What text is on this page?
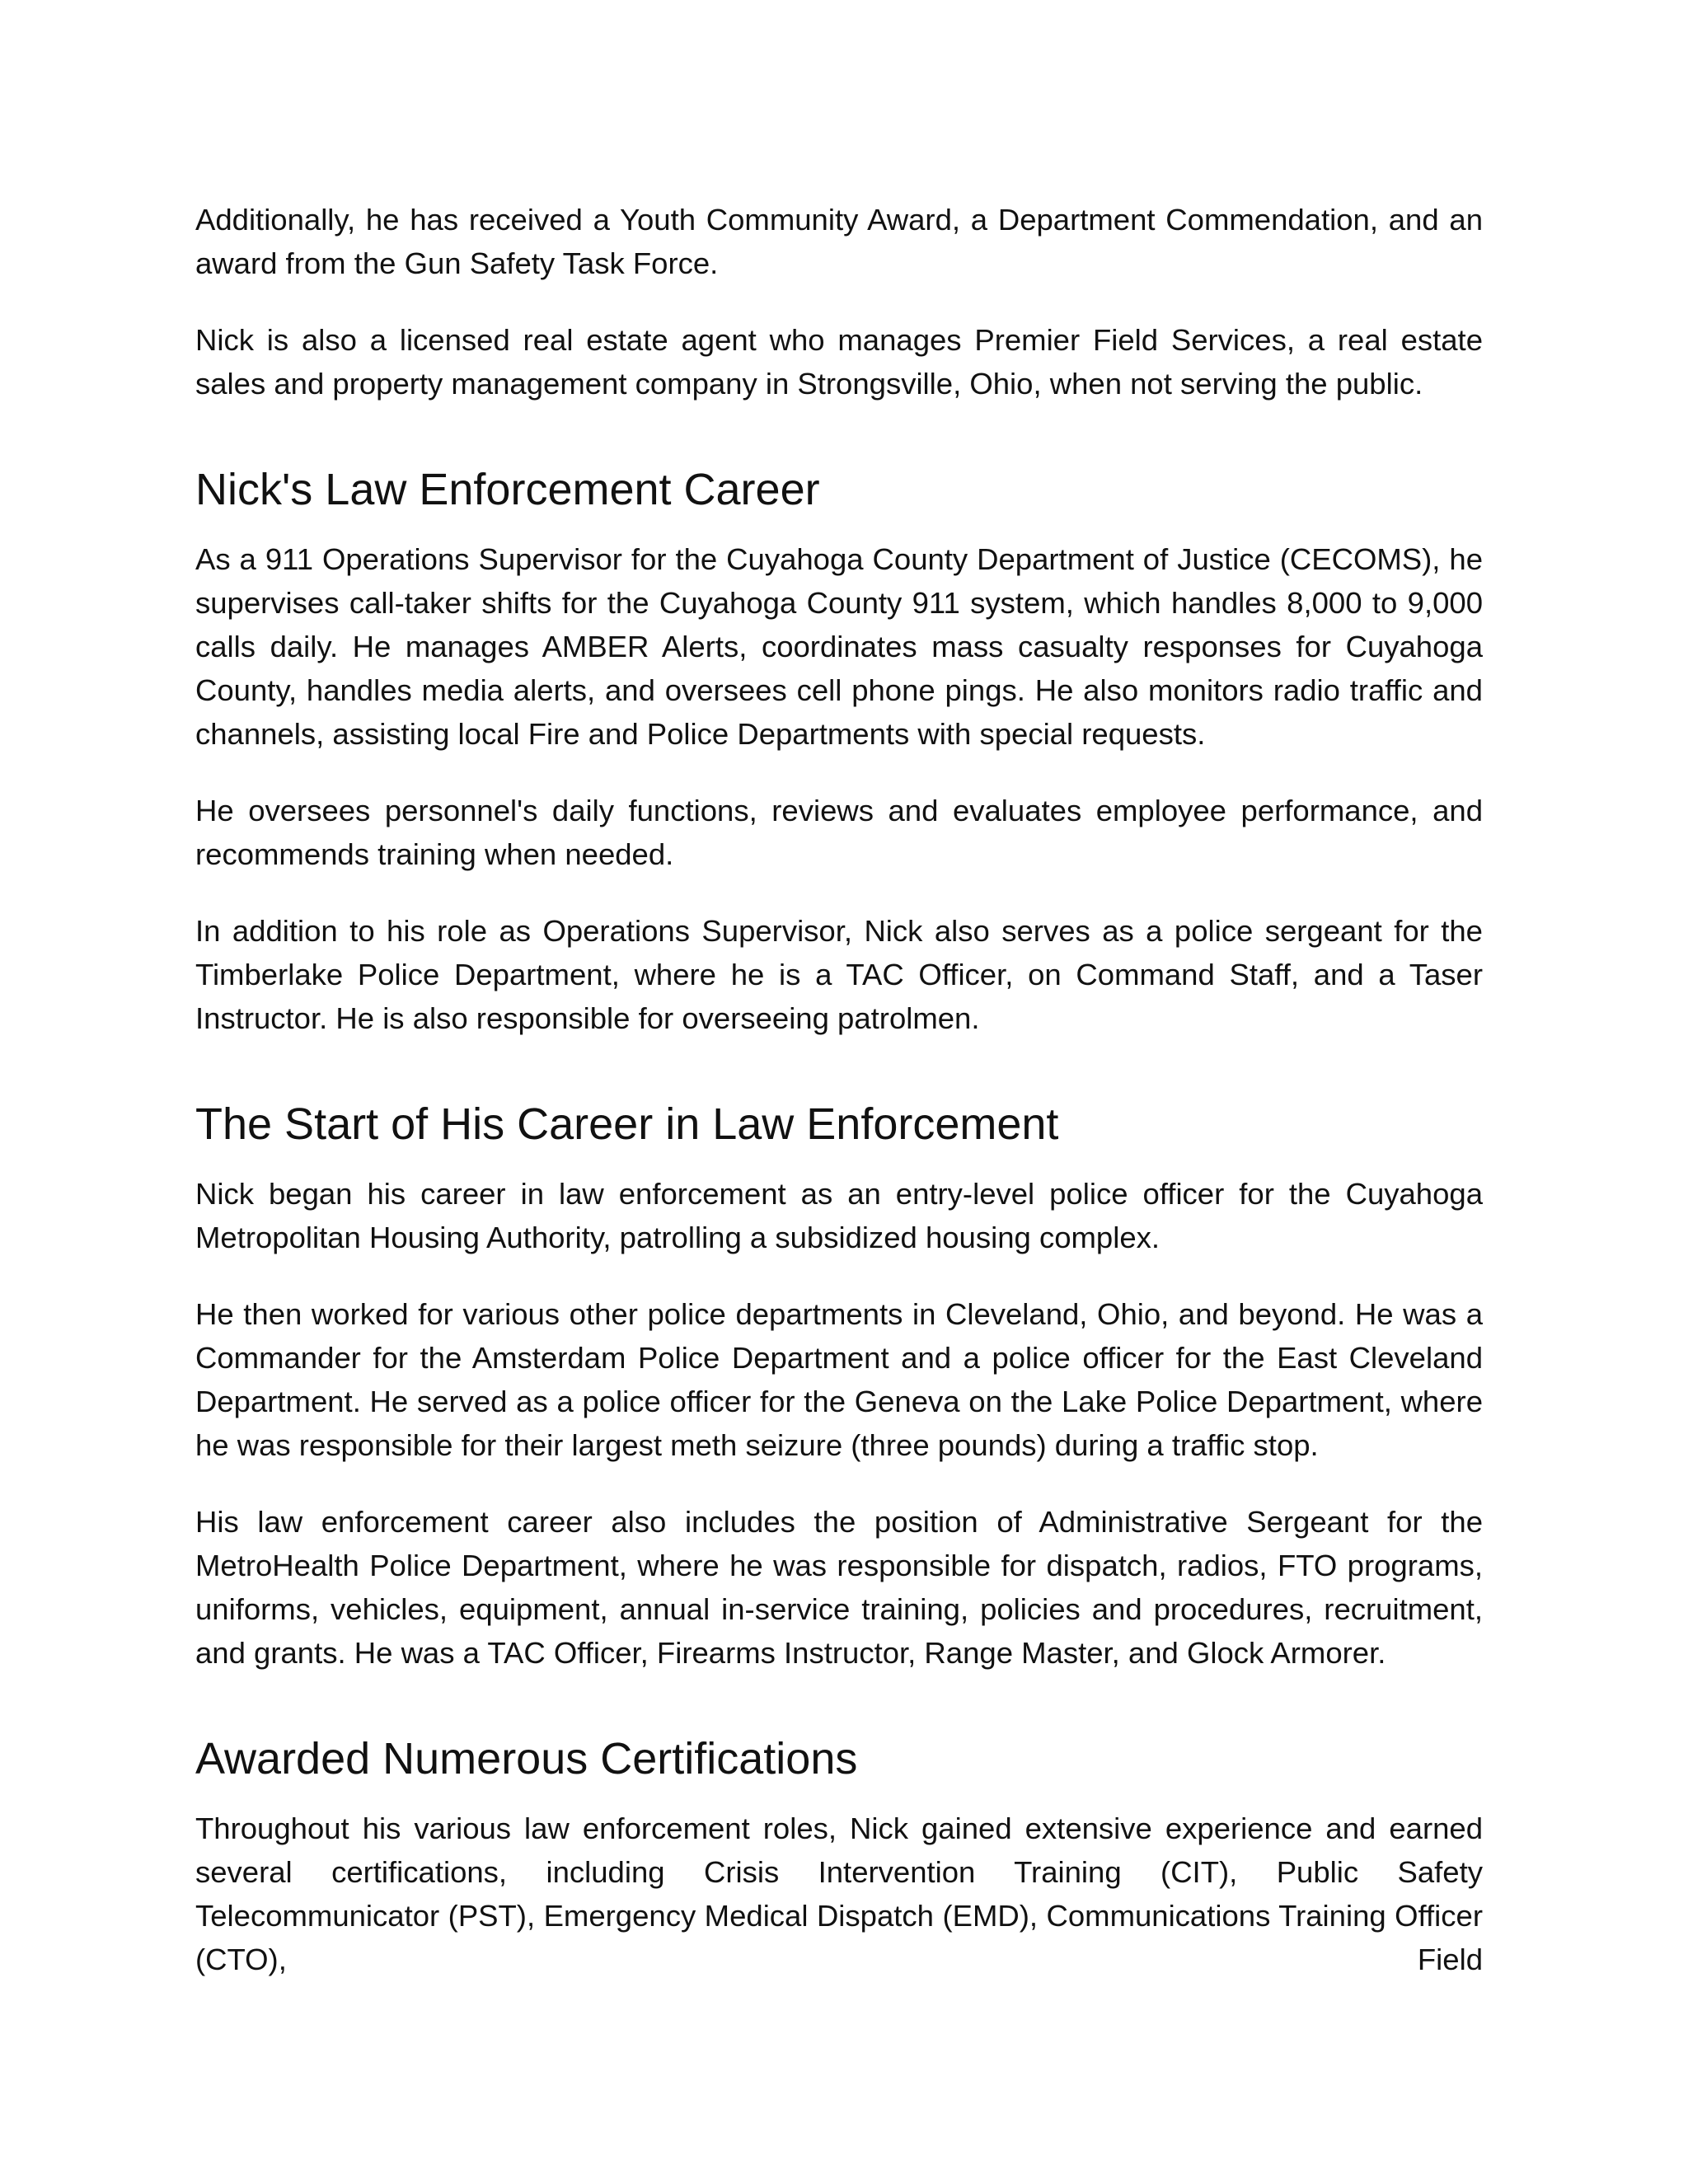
Additionally, he has received a Youth Community Award, a Department Commendation, and an award from the Gun Safety Task Force.

Nick is also a licensed real estate agent who manages Premier Field Services, a real estate sales and property management company in Strongsville, Ohio, when not serving the public.

Nick's Law Enforcement Career

As a 911 Operations Supervisor for the Cuyahoga County Department of Justice (CECOMS), he supervises call-taker shifts for the Cuyahoga County 911 system, which handles 8,000 to 9,000 calls daily. He manages AMBER Alerts, coordinates mass casualty responses for Cuyahoga County, handles media alerts, and oversees cell phone pings. He also monitors radio traffic and channels, assisting local Fire and Police Departments with special requests.

He oversees personnel's daily functions, reviews and evaluates employee performance, and recommends training when needed.

In addition to his role as Operations Supervisor, Nick also serves as a police sergeant for the Timberlake Police Department, where he is a TAC Officer, on Command Staff, and a Taser Instructor. He is also responsible for overseeing patrolmen.

The Start of His Career in Law Enforcement

Nick began his career in law enforcement as an entry-level police officer for the Cuyahoga Metropolitan Housing Authority, patrolling a subsidized housing complex.

He then worked for various other police departments in Cleveland, Ohio, and beyond. He was a Commander for the Amsterdam Police Department and a police officer for the East Cleveland Department. He served as a police officer for the Geneva on the Lake Police Department, where he was responsible for their largest meth seizure (three pounds) during a traffic stop.

His law enforcement career also includes the position of Administrative Sergeant for the MetroHealth Police Department, where he was responsible for dispatch, radios, FTO programs, uniforms, vehicles, equipment, annual in-service training, policies and procedures, recruitment, and grants. He was a TAC Officer, Firearms Instructor, Range Master, and Glock Armorer.

Awarded Numerous Certifications

Throughout his various law enforcement roles, Nick gained extensive experience and earned several certifications, including Crisis Intervention Training (CIT), Public Safety Telecommunicator (PST), Emergency Medical Dispatch (EMD), Communications Training Officer (CTO), Field
